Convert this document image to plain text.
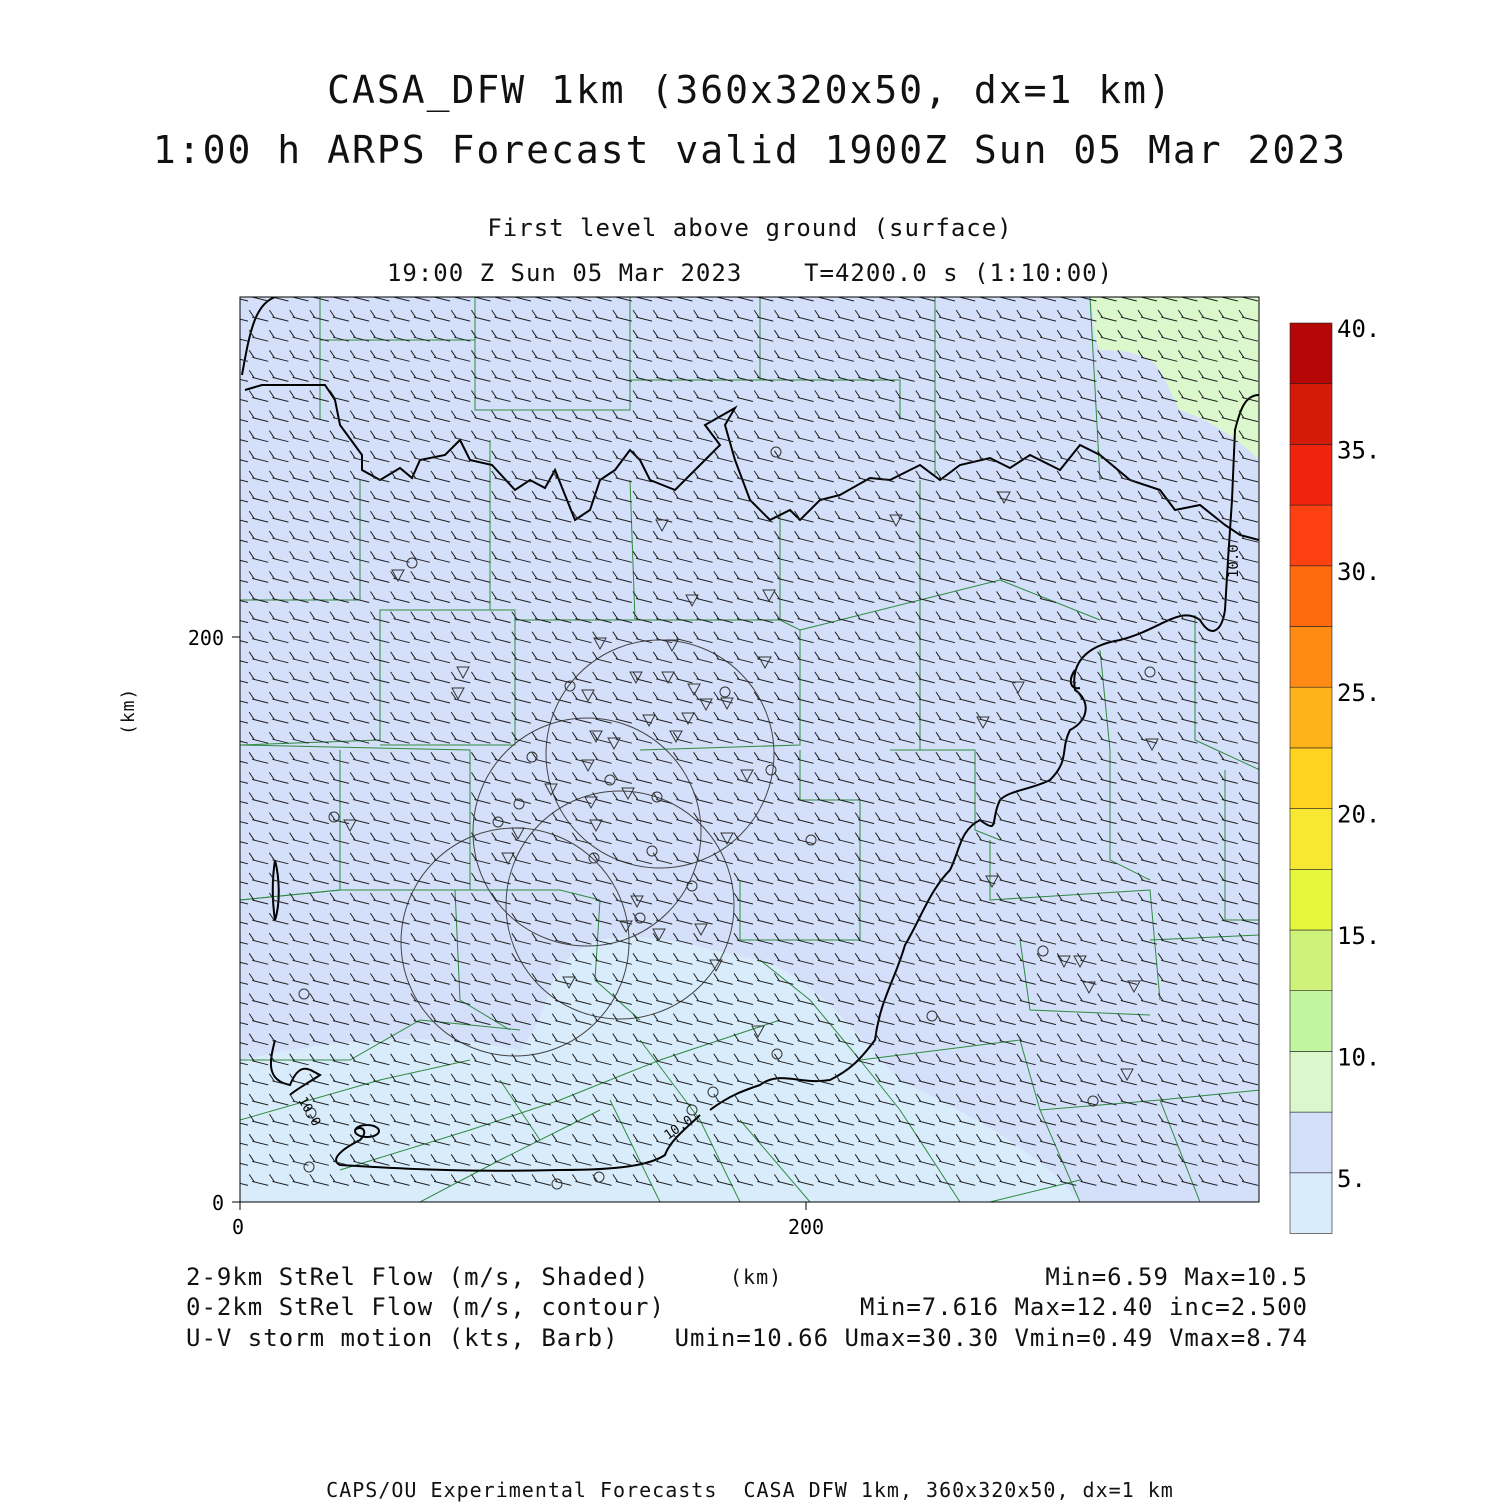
CASA_DFW 1km (360x320x50, dx=1 km)
1:00 h ARPS Forecast valid 1900Z Sun 05 Mar 2023
First level above ground (surface)
19:00 Z Sun 05 Mar 2023    T=4200.0 s (1:10:00)
0	200
0
200
10.0
10.0	10.0
40.
35.
30.
25.
20.
15.
10.
5.
(km)
2-9km StRel Flow (m/s, Shaded)	(km)	Min=6.59 Max=10.5
0-2km StRel Flow (m/s, contour)	Min=7.616 Max=12.40 inc=2.500
U-V storm motion (kts, Barb) Umin=10.66 Umax=30.30 Vmin=0.49 Vmax=8.74
CAPS/OU Experimental Forecasts  CASA DFW 1km, 360x320x50, dx=1 km
